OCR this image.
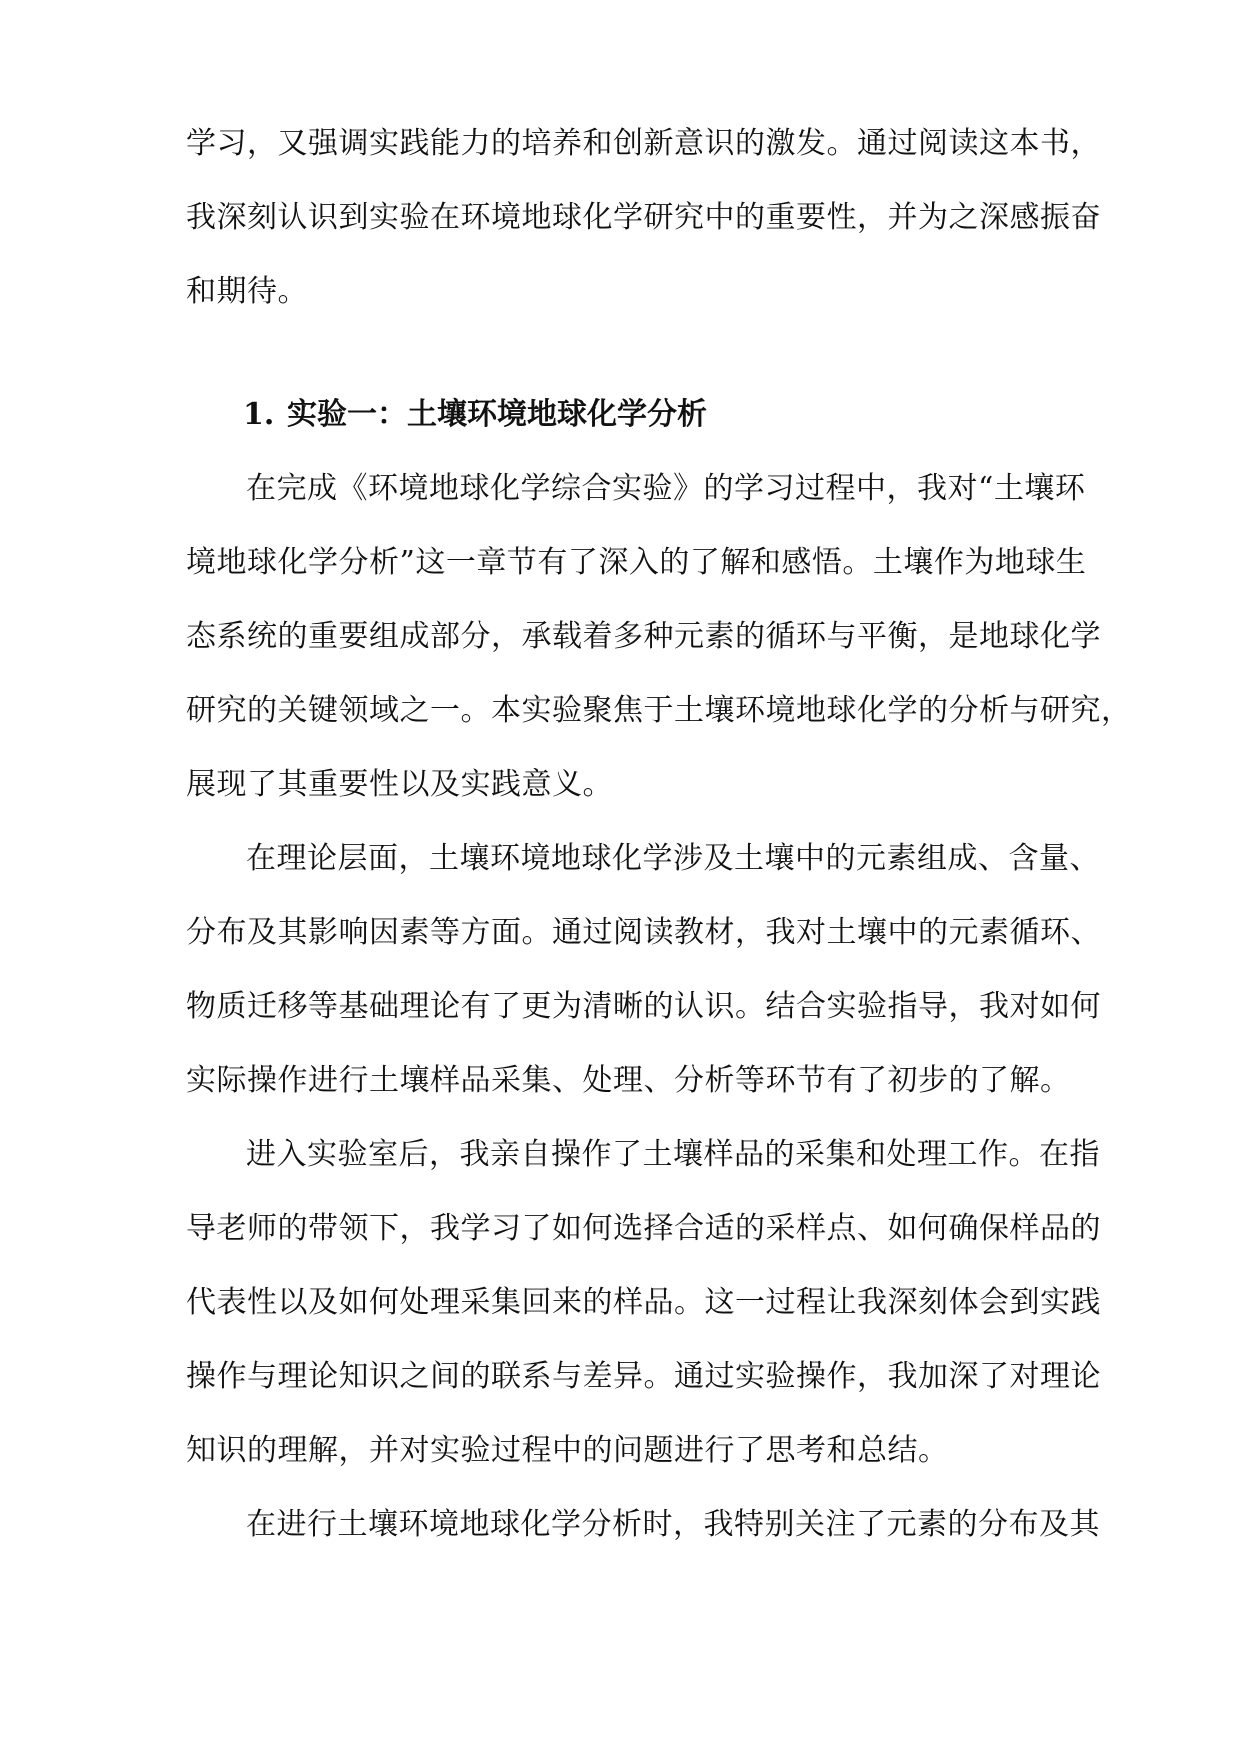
学习，又强调实践能力的培养和创新意识的激发。通过阅读这本书，
我深刻认识到实验在环境地球化学研究中的重要性，并为之深感振奋
和期待。
1. 实验一：土壤环境地球化学分析
在完成《环境地球化学综合实验》的学习过程中，我对“土壤环
境地球化学分析”这一章节有了深入的了解和感悟。土壤作为地球生
态系统的重要组成部分，承载着多种元素的循环与平衡，是地球化学
研究的关键领域之一。本实验聚焦于土壤环境地球化学的分析与研究，
展现了其重要性以及实践意义。
在理论层面，土壤环境地球化学涉及土壤中的元素组成、含量、
分布及其影响因素等方面。通过阅读教材，我对土壤中的元素循环、
物质迁移等基础理论有了更为清晰的认识。结合实验指导，我对如何
实际操作进行土壤样品采集、处理、分析等环节有了初步的了解。
进入实验室后，我亲自操作了土壤样品的采集和处理工作。在指
导老师的带领下，我学习了如何选择合适的采样点、如何确保样品的
代表性以及如何处理采集回来的样品。这一过程让我深刻体会到实践
操作与理论知识之间的联系与差异。通过实验操作，我加深了对理论
知识的理解，并对实验过程中的问题进行了思考和总结。
在进行土壤环境地球化学分析时，我特别关注了元素的分布及其
